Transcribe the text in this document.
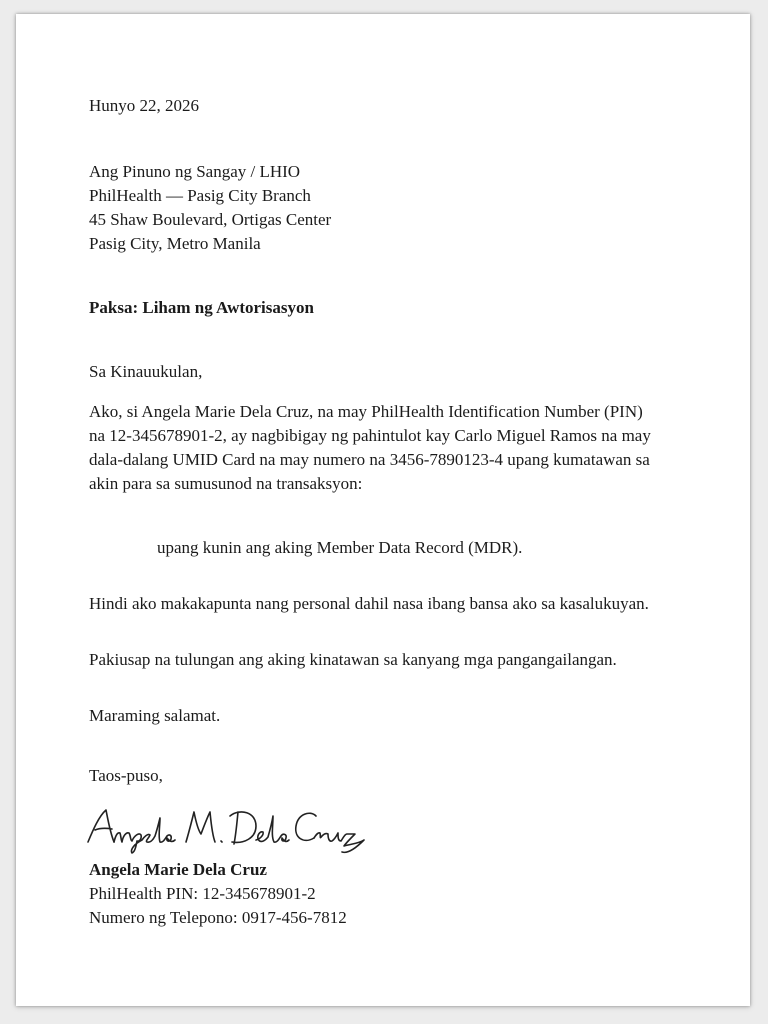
Hunyo 22, 2026

Ang Pinuno ng Sangay / LHIO
PhilHealth — Pasig City Branch
45 Shaw Boulevard, Ortigas Center
Pasig City, Metro Manila

Paksa: Liham ng Awtorisasyon

Sa Kinauukulan,

Ako, si Angela Marie Dela Cruz, na may PhilHealth Identification Number (PIN)
na 12-345678901-2, ay nagbibigay ng pahintulot kay Carlo Miguel Ramos na may
dala-dalang UMID Card na may numero na 3456-7890123-4 upang kumatawan sa
akin para sa sumusunod na transaksyon:

upang kunin ang aking Member Data Record (MDR).

Hindi ako makakapunta nang personal dahil nasa ibang bansa ako sa kasalukuyan.

Pakiusap na tulungan ang aking kinatawan sa kanyang mga pangangailangan.

Maraming salamat.

Taos-puso,

Angela Marie Dela Cruz
PhilHealth PIN: 12-345678901-2
Numero ng Telepono: 0917-456-7812
